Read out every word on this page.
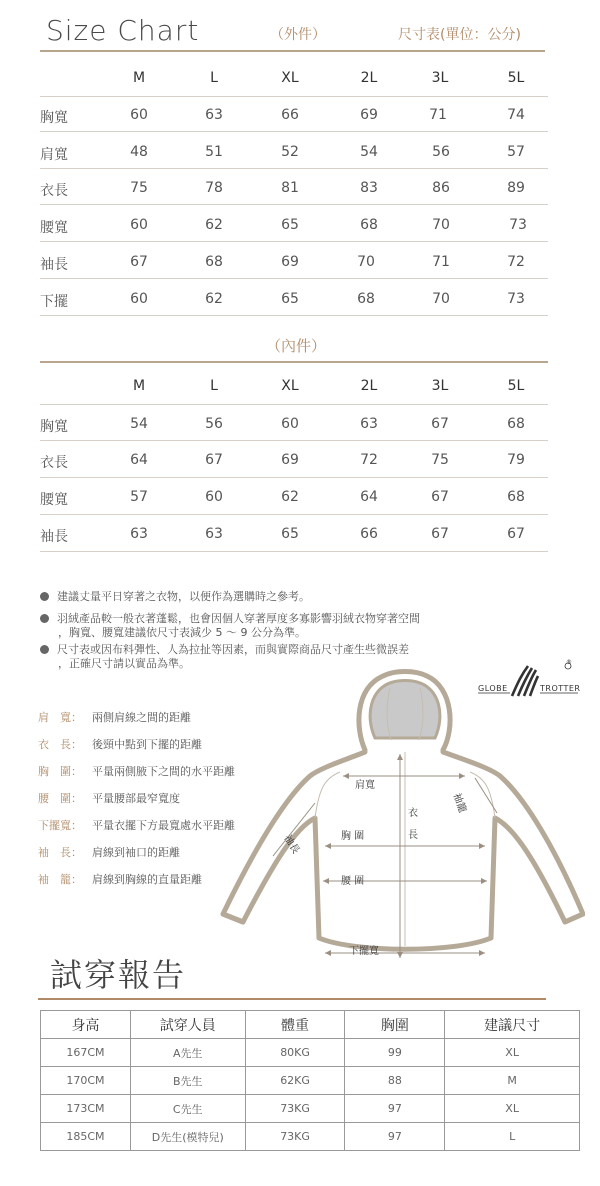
Size Chart	（外件）	尺寸表(單位：公分)
M	L	XL	2L	3L	5L
胸寬	60	63	66	69	71	74
肩寬	48	51	52	54	56	57
衣長	75	78	81	83	86	89
腰寬	60	62	65	68	70	73
袖長	67	68	69	70	71	72
下擺	60	62	65	68	70	73
（內件）
M	L	XL	2L	3L	5L
胸寬	54	56	60	63	67	68
衣長	64	67	69	72	75	79
腰寬	57	60	62	64	67	68
袖長	63	63	65	66	67	67
建議丈量平日穿著之衣物，以便作為選購時之參考。
羽絨產品較一般衣著蓬鬆，也會因個人穿著厚度多寡影響羽絨衣物穿著空間
，胸寬、腰寬建議依尺寸表減少 5 ～ 9 公分為準。
尺寸表或因布料彈性、人為拉扯等因素，而與實際商品尺寸產生些微誤差
，正確尺寸請以實品為準。
GLOBE	TROTTER
®
肩　寬： 兩側肩線之間的距離
衣　長： 後頸中點到下擺的距離
胸　圍： 平量兩側腋下之間的水平距離
腰　圍： 平量腰部最窄寬度
下擺寬： 平量衣擺下方最寬處水平距離
袖　長： 肩線到袖口的距離
袖　籠： 肩線到胸線的直量距離
肩寬
衣
長
胸 圍
腰 圍
下擺寬
袖長
袖籠
試穿報告
身高	試穿人員	體重	胸圍	建議尺寸
167CM	A先生	80KG	99	XL
170CM	B先生	62KG	88	M
173CM	C先生	73KG	97	XL
185CM	D先生(模特兒)	73KG	97	L
